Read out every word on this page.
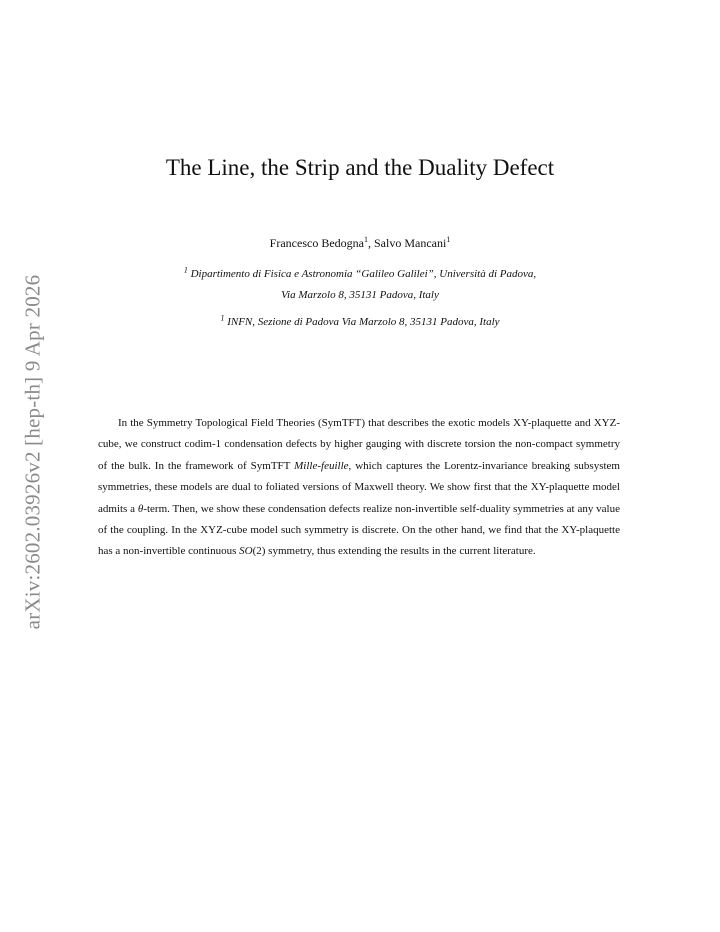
arXiv:2602.03926v2 [hep-th] 9 Apr 2026
The Line, the Strip and the Duality Defect
Francesco Bedogna$^1$, Salvo Mancani$^1$
$^1$ Dipartimento di Fisica e Astronomia “Galileo Galilei”, Università di Padova,
Via Marzolo 8, 35131 Padova, Italy
$^1$ INFN, Sezione di Padova Via Marzolo 8, 35131 Padova, Italy

In the Symmetry Topological Field Theories (SymTFT) that describes the exotic models XY-plaquette and XYZ-cube, we construct codim-1 condensation defects by higher gauging with discrete torsion the non-compact symmetry of the bulk. In the framework of SymTFT Mille-feuille, which captures the Lorentz-invariance breaking subsystem symmetries, these models are dual to foliated versions of Maxwell theory. We show first that the XY-plaquette model admits a θ-term. Then, we show these condensation defects realize non-invertible self-duality symmetries at any value of the coupling. In the XYZ-cube model such symmetry is discrete. On the other hand, we find that the XY-plaquette has a non-invertible continuous SO(2) symmetry, thus extending the results in the current literature.
